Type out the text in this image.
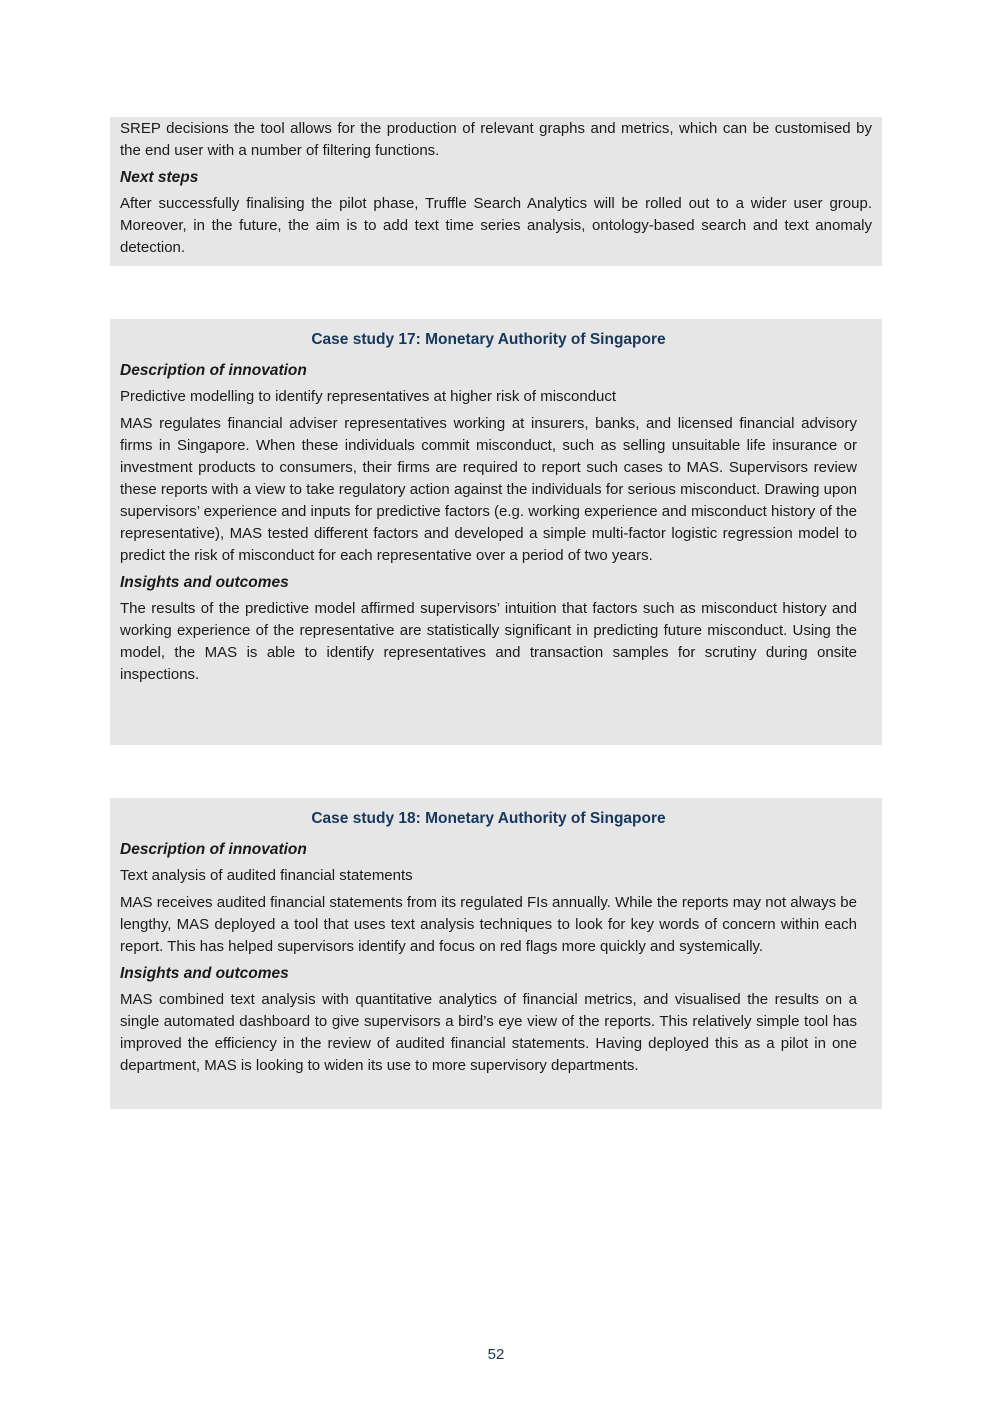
SREP decisions the tool allows for the production of relevant graphs and metrics, which can be customised by the end user with a number of filtering functions.

Next steps

After successfully finalising the pilot phase, Truffle Search Analytics will be rolled out to a wider user group. Moreover, in the future, the aim is to add text time series analysis, ontology-based search and text anomaly detection.

Case study 17: Monetary Authority of Singapore

Description of innovation

Predictive modelling to identify representatives at higher risk of misconduct

MAS regulates financial adviser representatives working at insurers, banks, and licensed financial advisory firms in Singapore. When these individuals commit misconduct, such as selling unsuitable life insurance or investment products to consumers, their firms are required to report such cases to MAS. Supervisors review these reports with a view to take regulatory action against the individuals for serious misconduct. Drawing upon supervisors’ experience and inputs for predictive factors (e.g. working experience and misconduct history of the representative), MAS tested different factors and developed a simple multi-factor logistic regression model to predict the risk of misconduct for each representative over a period of two years.

Insights and outcomes

The results of the predictive model affirmed supervisors’ intuition that factors such as misconduct history and working experience of the representative are statistically significant in predicting future misconduct. Using the model, the MAS is able to identify representatives and transaction samples for scrutiny during onsite inspections.

Case study 18: Monetary Authority of Singapore

Description of innovation

Text analysis of audited financial statements

MAS receives audited financial statements from its regulated FIs annually. While the reports may not always be lengthy, MAS deployed a tool that uses text analysis techniques to look for key words of concern within each report. This has helped supervisors identify and focus on red flags more quickly and systemically.

Insights and outcomes

MAS combined text analysis with quantitative analytics of financial metrics, and visualised the results on a single automated dashboard to give supervisors a bird’s eye view of the reports. This relatively simple tool has improved the efficiency in the review of audited financial statements. Having deployed this as a pilot in one department, MAS is looking to widen its use to more supervisory departments.

52
